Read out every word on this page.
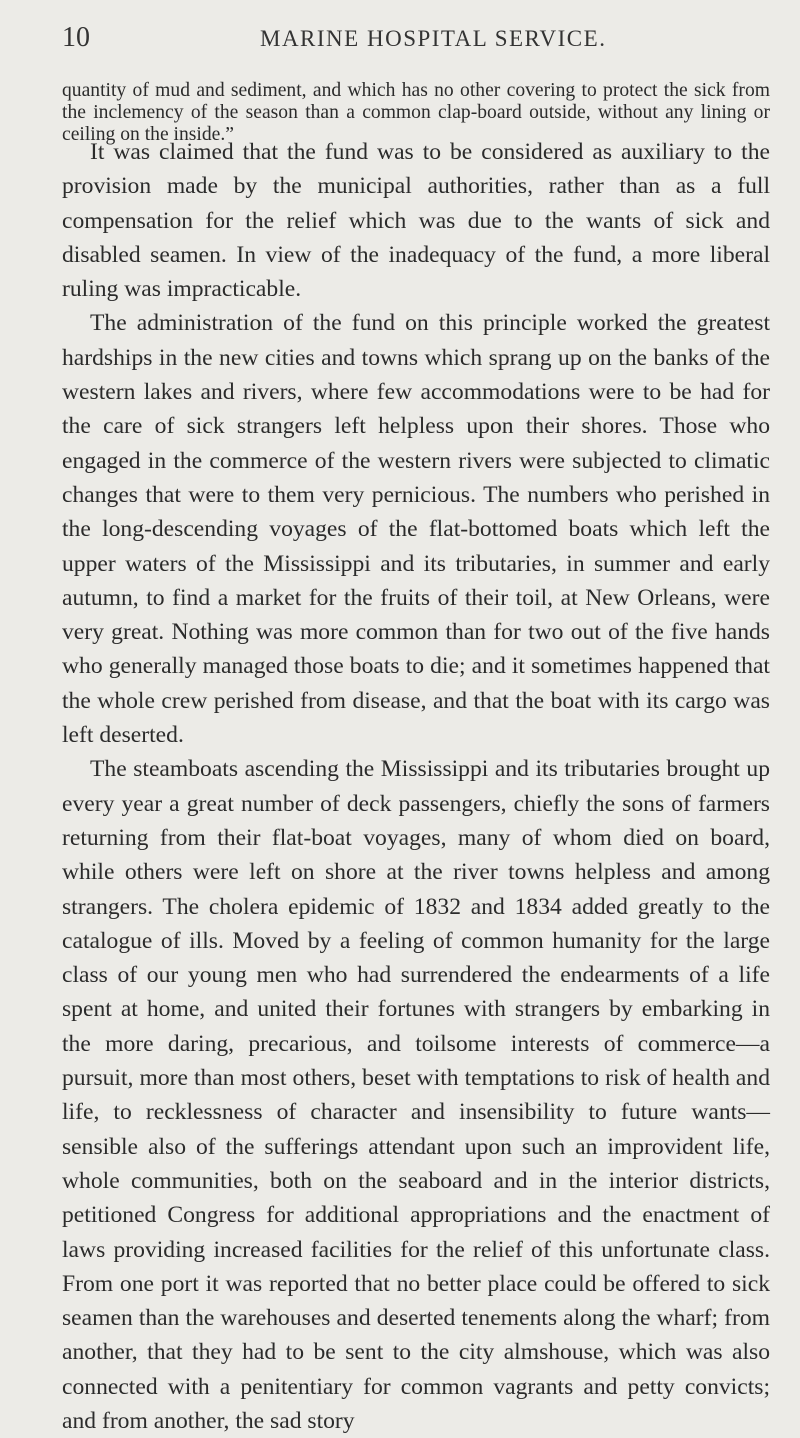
10	MARINE HOSPITAL SERVICE.

quantity of mud and sediment, and which has no other covering to protect the sick from the inclemency of the season than a common clap-board outside, without any lining or ceiling on the inside.”

It was claimed that the fund was to be considered as auxiliary to the provision made by the municipal authorities, rather than as a full compensation for the relief which was due to the wants of sick and disabled seamen. In view of the inadequacy of the fund, a more liberal ruling was impracticable.

The administration of the fund on this principle worked the greatest hardships in the new cities and towns which sprang up on the banks of the western lakes and rivers, where few accommodations were to be had for the care of sick strangers left helpless upon their shores. Those who engaged in the commerce of the western rivers were subjected to climatic changes that were to them very pernicious. The numbers who perished in the long-descending voyages of the flat-bottomed boats which left the upper waters of the Mississippi and its tributaries, in summer and early autumn, to find a market for the fruits of their toil, at New Orleans, were very great. Nothing was more common than for two out of the five hands who generally managed those boats to die; and it sometimes happened that the whole crew perished from disease, and that the boat with its cargo was left deserted.

The steamboats ascending the Mississippi and its tributaries brought up every year a great number of deck passengers, chiefly the sons of farmers returning from their flat-boat voyages, many of whom died on board, while others were left on shore at the river towns helpless and among strangers. The cholera epidemic of 1832 and 1834 added greatly to the catalogue of ills. Moved by a feeling of common humanity for the large class of our young men who had surrendered the endearments of a life spent at home, and united their fortunes with strangers by embarking in the more daring, precarious, and toilsome interests of commerce—a pursuit, more than most others, beset with temptations to risk of health and life, to recklessness of character and insensibility to future wants—sensible also of the sufferings attendant upon such an improvident life, whole communities, both on the seaboard and in the interior districts, petitioned Congress for additional appropriations and the enactment of laws providing increased facilities for the relief of this unfortunate class. From one port it was reported that no better place could be offered to sick seamen than the warehouses and deserted tenements along the wharf; from another, that they had to be sent to the city almshouse, which was also connected with a penitentiary for common vagrants and petty convicts; and from another, the sad story
